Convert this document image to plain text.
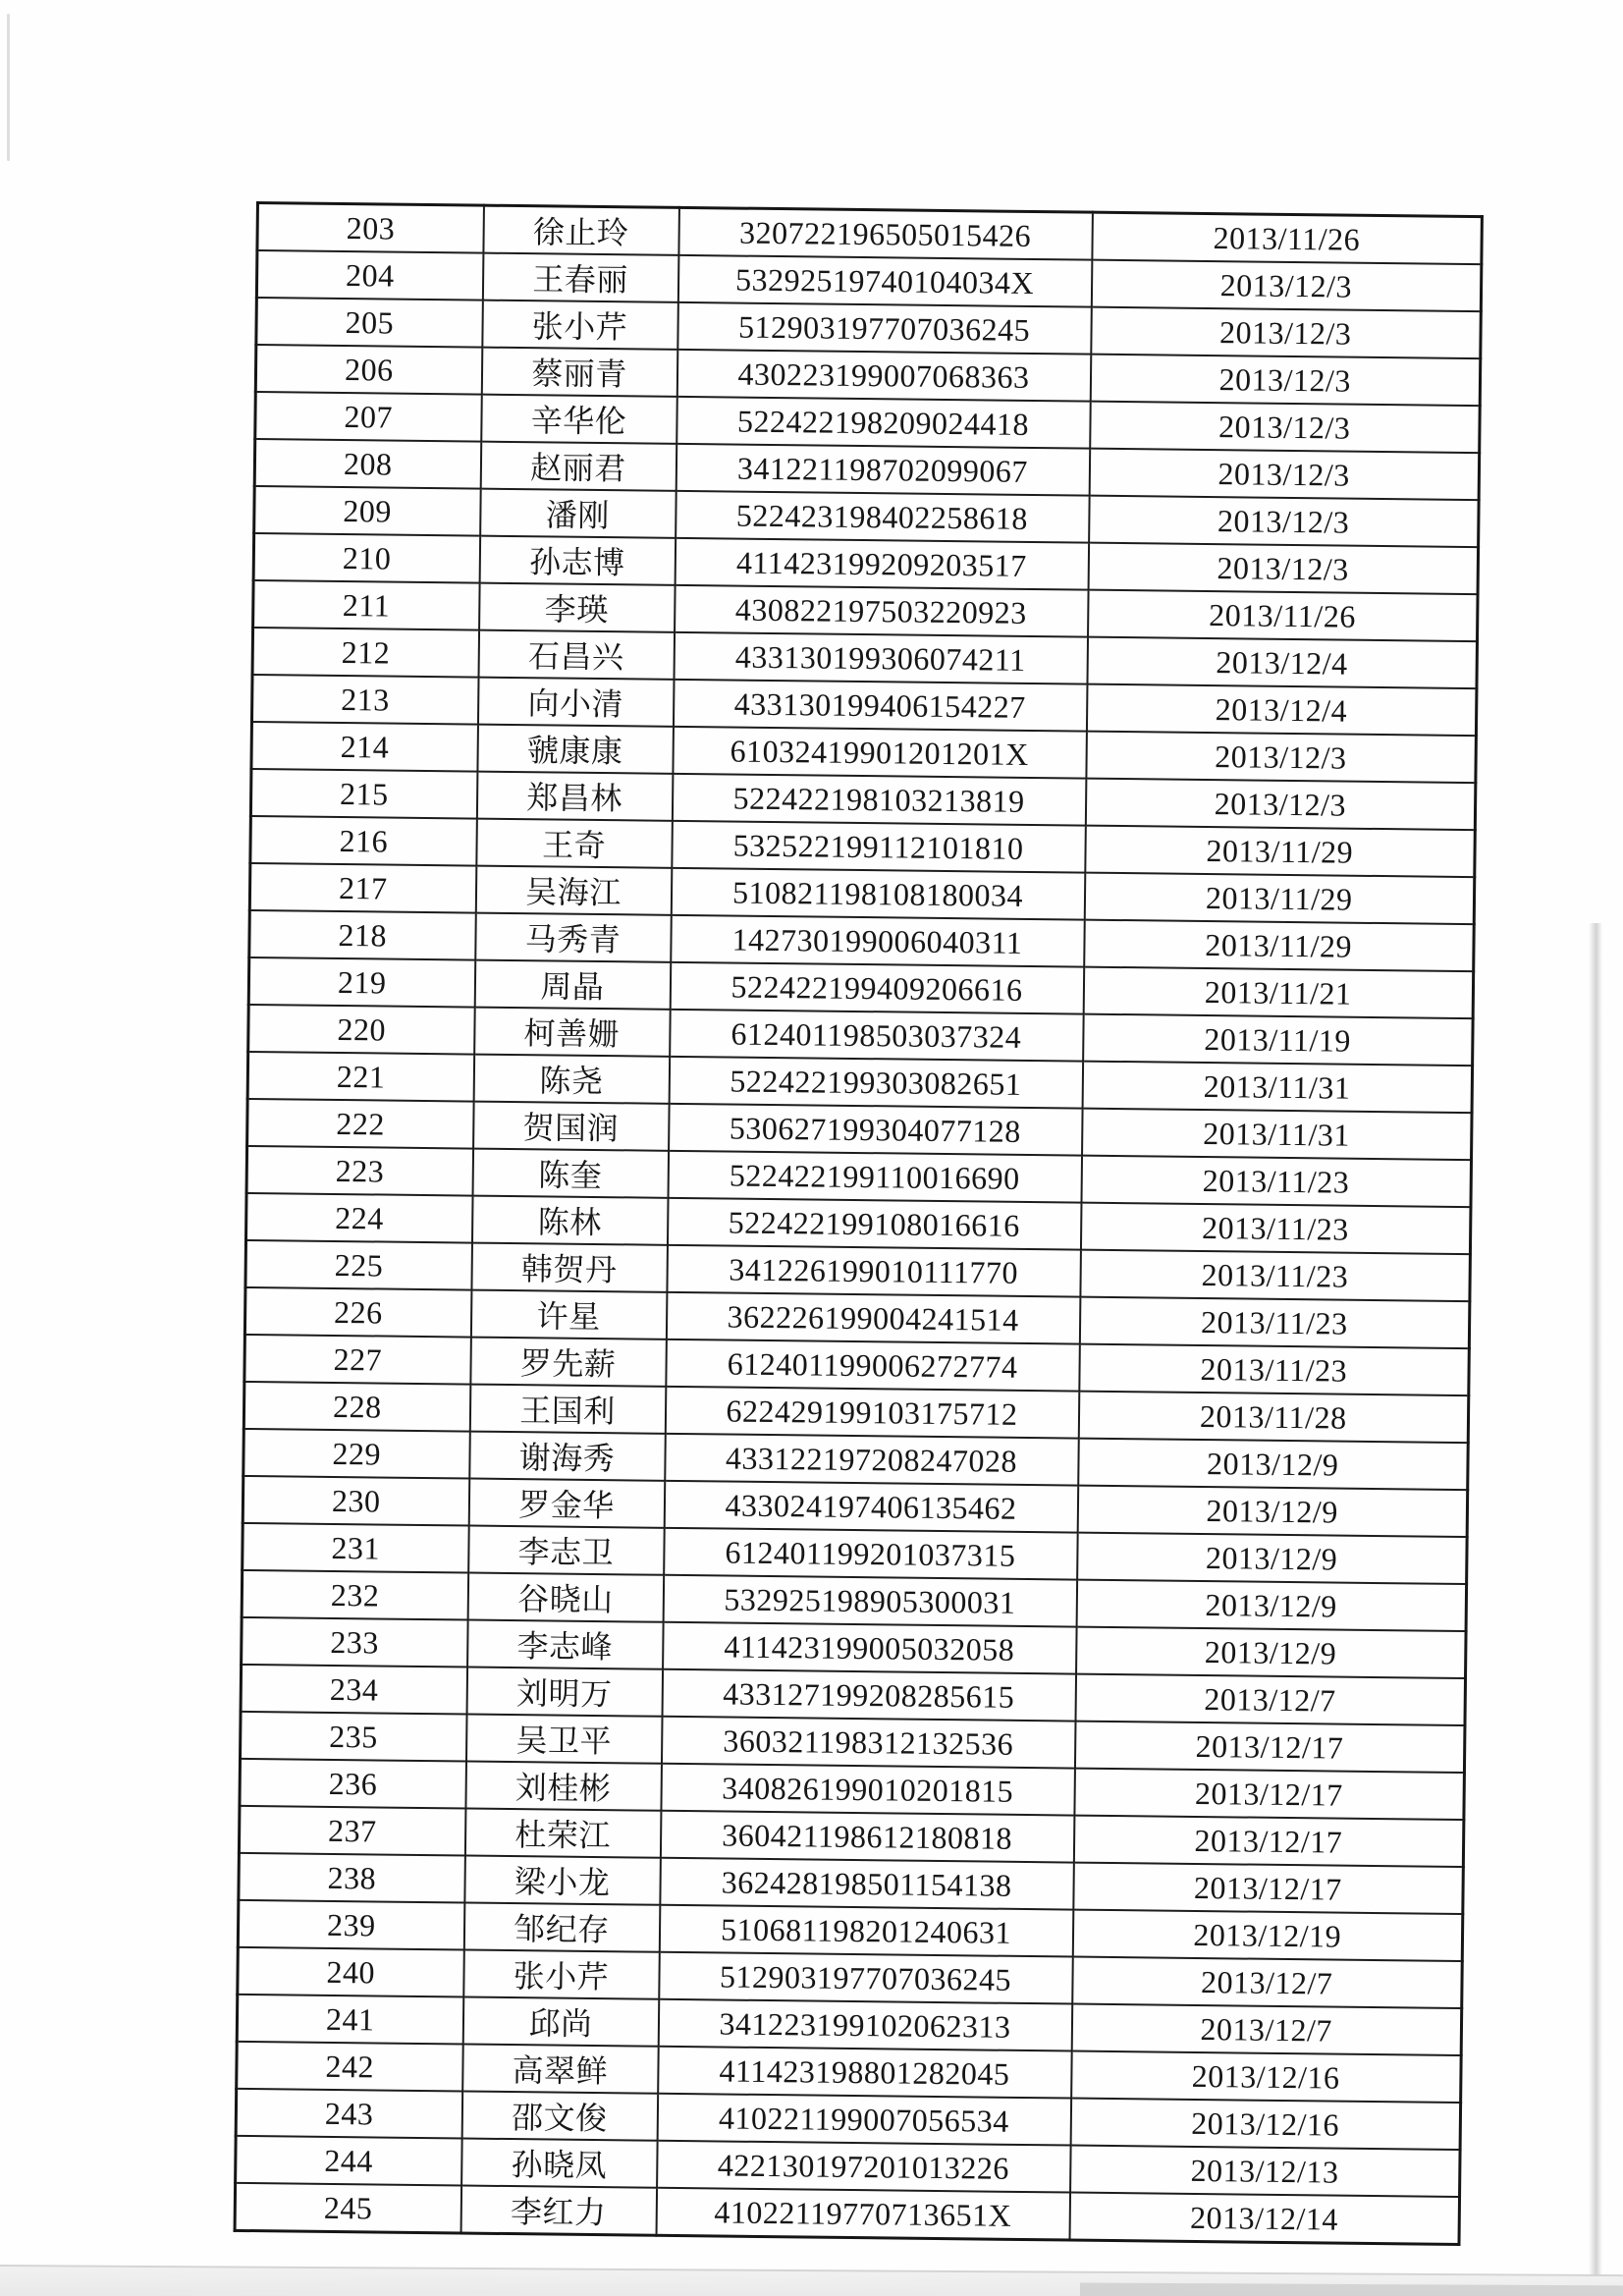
203	徐止玲	320722196505015426	2013/11/26
204	王春丽	53292519740104034X	2013/12/3
205	张小芹	512903197707036245	2013/12/3
206	蔡丽青	430223199007068363	2013/12/3
207	辛华伦	522422198209024418	2013/12/3
208	赵丽君	341221198702099067	2013/12/3
209	潘刚	522423198402258618	2013/12/3
210	孙志博	411423199209203517	2013/12/3
211	李瑛	430822197503220923	2013/11/26
212	石昌兴	433130199306074211	2013/12/4
213	向小清	433130199406154227	2013/12/4
214	虢康康	61032419901201201X	2013/12/3
215	郑昌林	522422198103213819	2013/12/3
216	王奇	532522199112101810	2013/11/29
217	吴海江	510821198108180034	2013/11/29
218	马秀青	142730199006040311	2013/11/29
219	周晶	522422199409206616	2013/11/21
220	柯善姗	612401198503037324	2013/11/19
221	陈尧	522422199303082651	2013/11/31
222	贺国润	530627199304077128	2013/11/31
223	陈奎	522422199110016690	2013/11/23
224	陈林	522422199108016616	2013/11/23
225	韩贺丹	341226199010111770	2013/11/23
226	许星	362226199004241514	2013/11/23
227	罗先薪	612401199006272774	2013/11/23
228	王国利	622429199103175712	2013/11/28
229	谢海秀	433122197208247028	2013/12/9
230	罗金华	433024197406135462	2013/12/9
231	李志卫	612401199201037315	2013/12/9
232	谷晓山	532925198905300031	2013/12/9
233	李志峰	411423199005032058	2013/12/9
234	刘明万	433127199208285615	2013/12/7
235	吴卫平	360321198312132536	2013/12/17
236	刘桂彬	340826199010201815	2013/12/17
237	杜荣江	360421198612180818	2013/12/17
238	梁小龙	362428198501154138	2013/12/17
239	邹纪存	510681198201240631	2013/12/19
240	张小芹	512903197707036245	2013/12/7
241	邱尚	341223199102062313	2013/12/7
242	高翠鲜	411423198801282045	2013/12/16
243	邵文俊	410221199007056534	2013/12/16
244	孙晓凤	422130197201013226	2013/12/13
245	李红力	41022119770713651X	2013/12/14
